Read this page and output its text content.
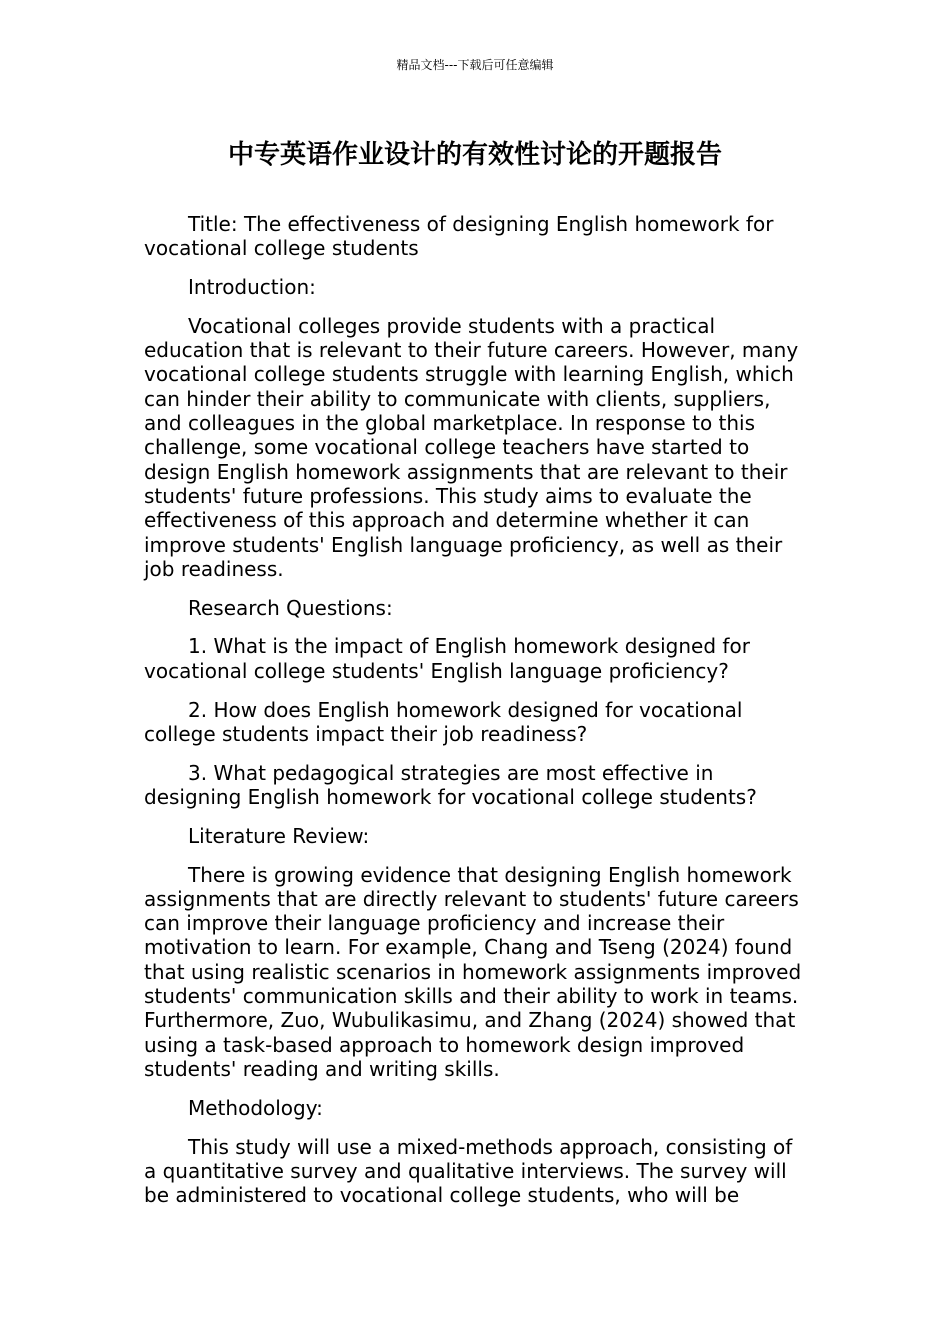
精品文档---下载后可任意编辑
中专英语作业设计的有效性讨论的开题报告

Title: The effectiveness of designing English homework for vocational college students

Introduction:

Vocational colleges provide students with a practical education that is relevant to their future careers. However, many vocational college students struggle with learning English, which can hinder their ability to communicate with clients, suppliers, and colleagues in the global marketplace. In response to this challenge, some vocational college teachers have started to design English homework assignments that are relevant to their students' future professions. This study aims to evaluate the effectiveness of this approach and determine whether it can improve students' English language proficiency, as well as their job readiness.

Research Questions:

1. What is the impact of English homework designed for vocational college students' English language proficiency?

2. How does English homework designed for vocational college students impact their job readiness?

3. What pedagogical strategies are most effective in designing English homework for vocational college students?

Literature Review:

There is growing evidence that designing English homework assignments that are directly relevant to students' future careers can improve their language proficiency and increase their motivation to learn. For example, Chang and Tseng (2024) found that using realistic scenarios in homework assignments improved students' communication skills and their ability to work in teams. Furthermore, Zuo, Wubulikasimu, and Zhang (2024) showed that using a task-based approach to homework design improved students' reading and writing skills.

Methodology:

This study will use a mixed-methods approach, consisting of a quantitative survey and qualitative interviews. The survey will be administered to vocational college students, who will be
